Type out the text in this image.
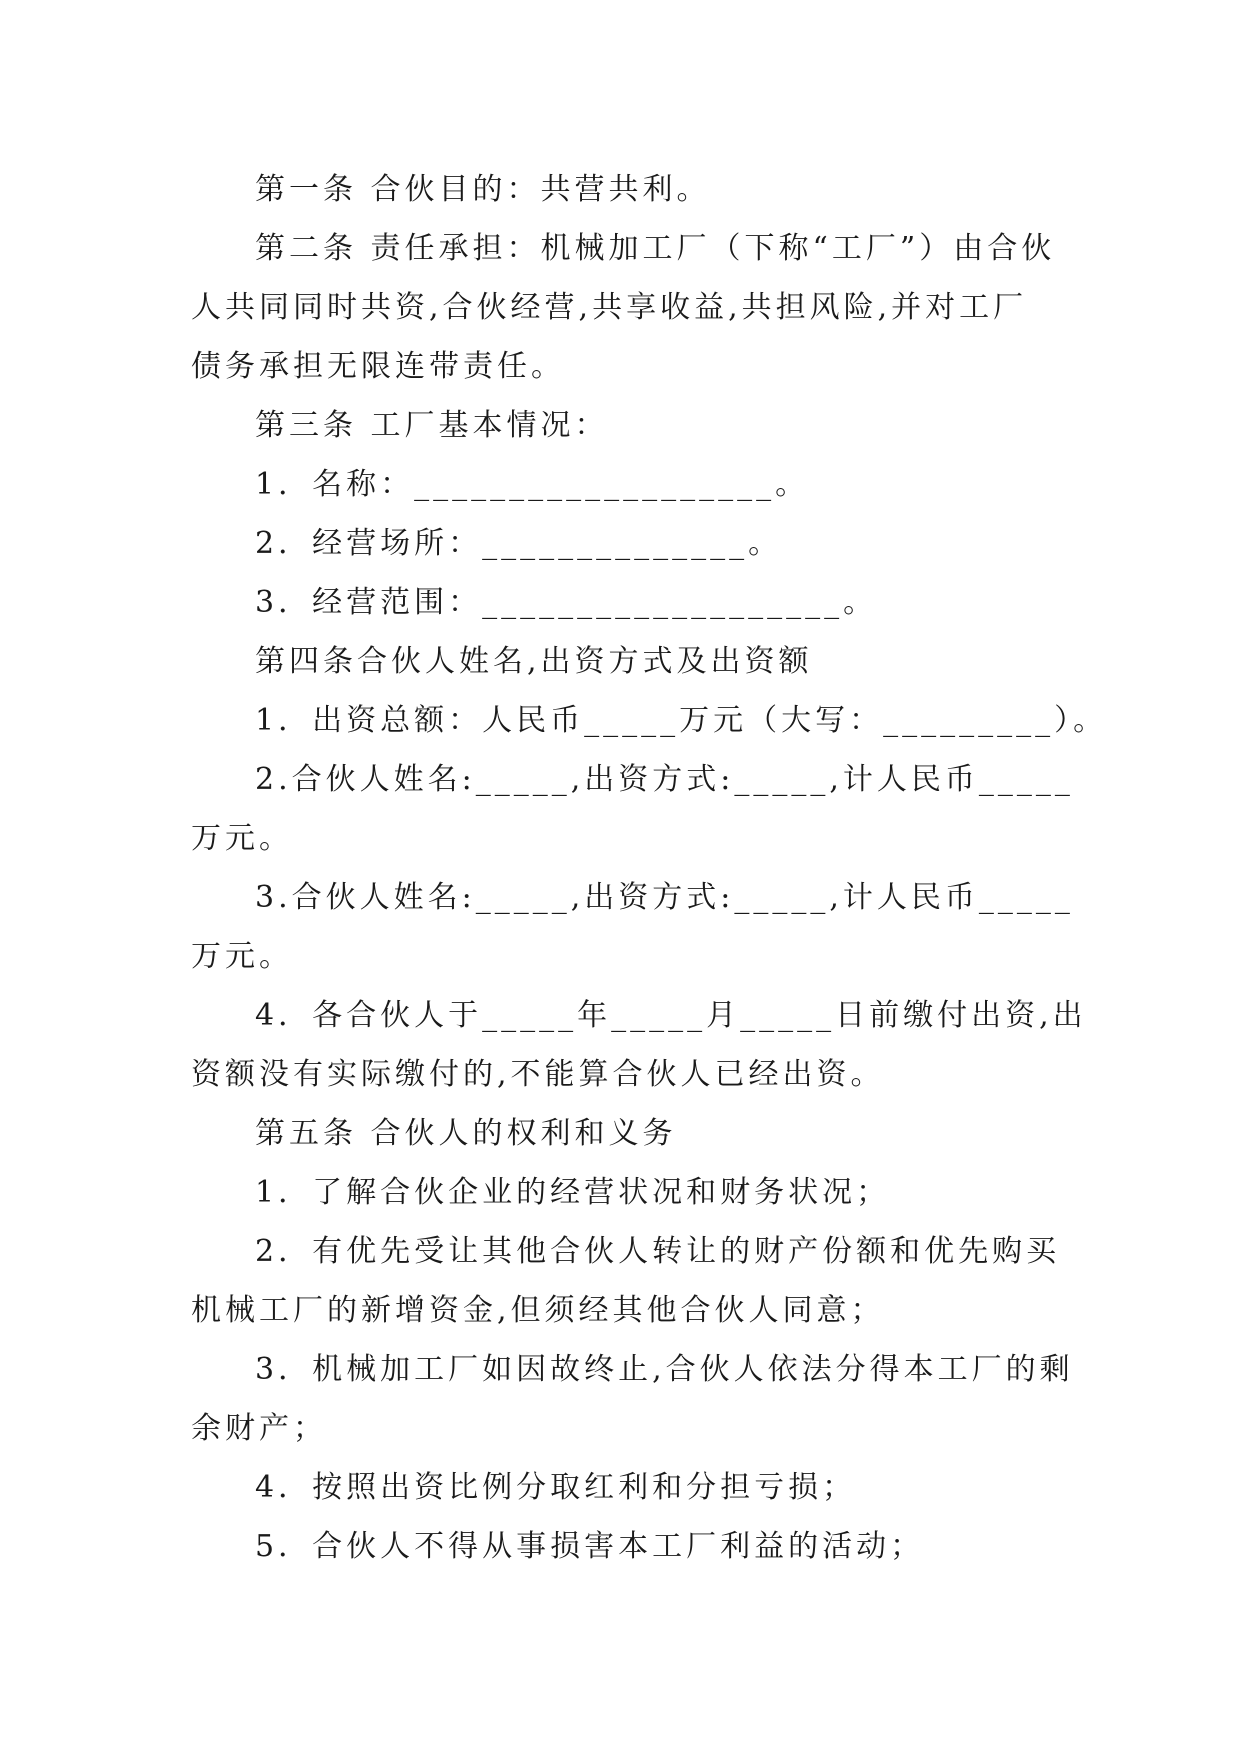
第一条 合伙目的：共营共利。
第二条 责任承担：机械加工厂（下称“工厂”）由合伙
人共同同时共资,合伙经营,共享收益,共担风险,并对工厂
债务承担无限连带责任。
第三条 工厂基本情况：
1．名称：___________________。
2．经营场所：______________。
3．经营范围：___________________。
第四条合伙人姓名,出资方式及出资额
1．出资总额：人民币_____万元（大写：_________）。
2.合伙人姓名:_____,出资方式:_____,计人民币_____
万元。
3.合伙人姓名:_____,出资方式:_____,计人民币_____
万元。
4．各合伙人于_____年_____月_____日前缴付出资,出
资额没有实际缴付的,不能算合伙人已经出资。
第五条 合伙人的权利和义务
1．了解合伙企业的经营状况和财务状况；
2．有优先受让其他合伙人转让的财产份额和优先购买
机械工厂的新增资金,但须经其他合伙人同意；
3．机械加工厂如因故终止,合伙人依法分得本工厂的剩
余财产；
4．按照出资比例分取红利和分担亏损；
5．合伙人不得从事损害本工厂利益的活动；
